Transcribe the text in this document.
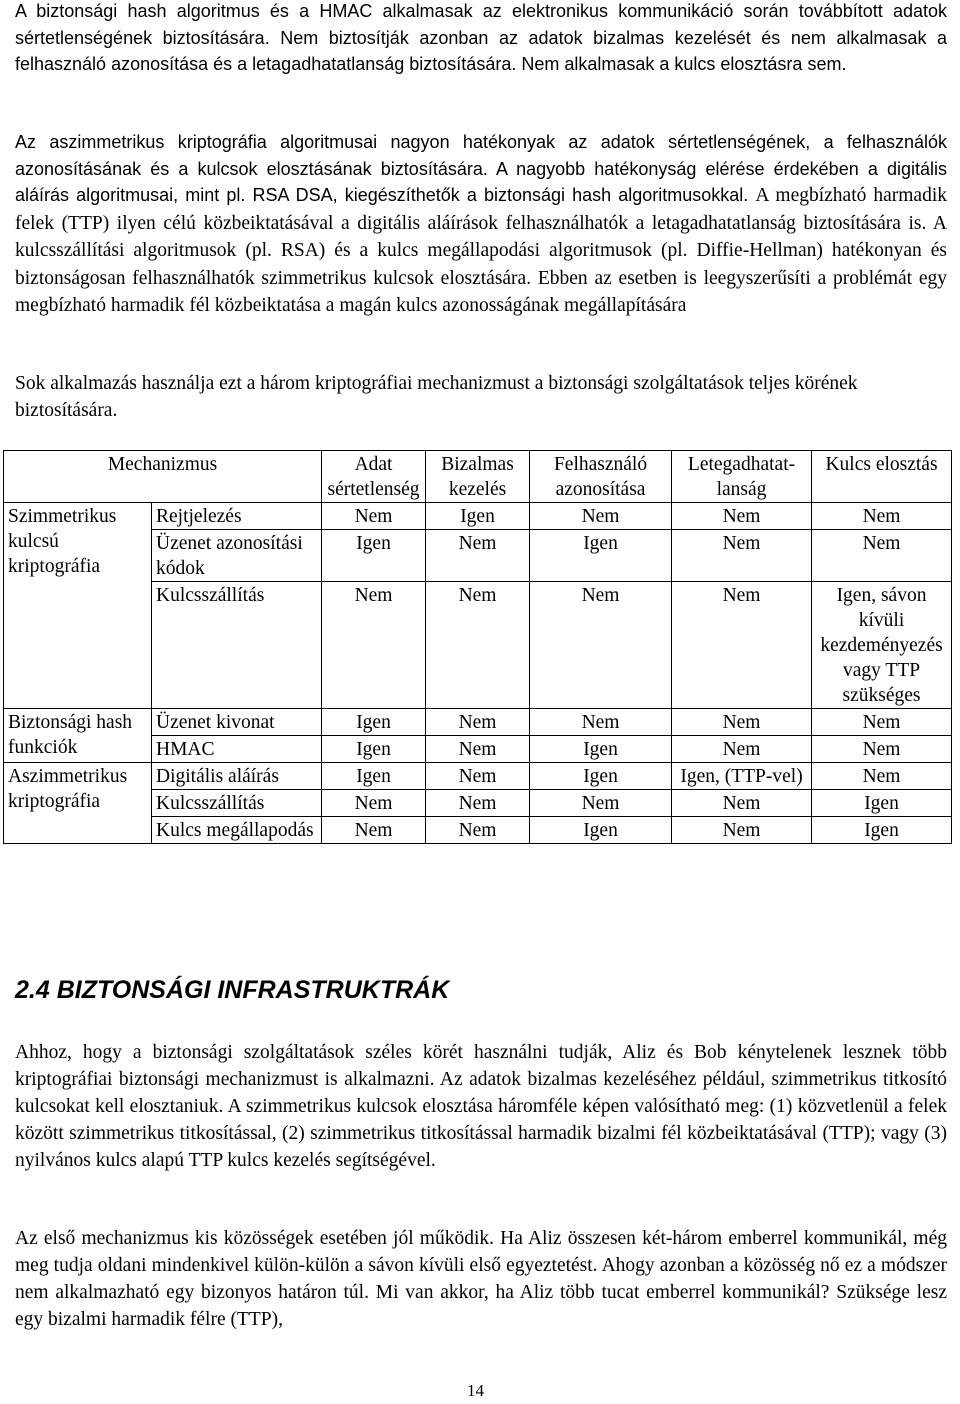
A biztonsági hash algoritmus és a HMAC alkalmasak az elektronikus kommunikáció során továbbított adatok sértetlenségének biztosítására. Nem biztosítják azonban az adatok bizalmas kezelését és nem alkalmasak a felhasználó azonosítása és a letagadhatatlanság biztosítására. Nem alkalmasak a kulcs elosztásra sem.

Az aszimmetrikus kriptográfia algoritmusai nagyon hatékonyak az adatok sértetlenségének, a felhasználók azonosításának és a kulcsok elosztásának biztosítására. A nagyobb hatékonyság elérése érdekében a digitális aláírás algoritmusai, mint pl. RSA DSA, kiegészíthetők a biztonsági hash algoritmusokkal. A megbízható harmadik felek (TTP) ilyen célú közbeiktatásával a digitális aláírások felhasználhatók a letagadhatatlanság biztosítására is. A kulcsszállítási algoritmusok (pl. RSA) és a kulcs megállapodási algoritmusok (pl. Diffie-Hellman) hatékonyan és biztonságosan felhasználhatók szimmetrikus kulcsok elosztására. Ebben az esetben is leegyszerűsíti a problémát egy megbízható harmadik fél közbeiktatása a magán kulcs azonosságának megállapítására

Sok alkalmazás használja ezt a három kriptográfiai mechanizmust a biztonsági szolgáltatások teljes körének biztosítására.

Mechanizmus		Adat sértetlenség	Bizalmas kezelés	Felhasználó azonosítása	Letegadhatat-lanság	Kulcs elosztás
Szimmetrikus kulcsú kriptográfia	Rejtjelezés	Nem	Igen	Nem	Nem	Nem
	Üzenet azonosítási kódok	Igen	Nem	Igen	Nem	Nem
	Kulcsszállítás	Nem	Nem	Nem	Nem	Igen, sávon kívüli kezdeményezés vagy TTP szükséges
Biztonsági hash funkciók	Üzenet kivonat	Igen	Nem	Nem	Nem	Nem
	HMAC	Igen	Nem	Igen	Nem	Nem
Aszimmetrikus kriptográfia	Digitális aláírás	Igen	Nem	Igen	Igen, (TTP-vel)	Nem
	Kulcsszállítás	Nem	Nem	Nem	Nem	Igen
	Kulcs megállapodás	Nem	Nem	Igen	Nem	Igen
2.4 BIZTONSÁGI INFRASTRUKTRÁK

Ahhoz, hogy a biztonsági szolgáltatások széles körét használni tudják, Aliz és Bob kénytelenek lesznek több kriptográfiai biztonsági mechanizmust is alkalmazni. Az adatok bizalmas kezeléséhez például, szimmetrikus titkosító kulcsokat kell elosztaniuk. A szimmetrikus kulcsok elosztása háromféle képen valósítható meg: (1) közvetlenül a felek között szimmetrikus titkosítással, (2) szimmetrikus titkosítással harmadik bizalmi fél közbeiktatásával (TTP); vagy (3) nyilvános kulcs alapú TTP kulcs kezelés segítségével.

Az első mechanizmus kis közösségek esetében jól működik. Ha Aliz összesen két-három emberrel kommunikál, még meg tudja oldani mindenkivel külön-külön a sávon kívüli első egyeztetést. Ahogy azonban a közösség nő ez a módszer nem alkalmazható egy bizonyos határon túl. Mi van akkor, ha Aliz több tucat emberrel kommunikál? Szüksége lesz egy bizalmi harmadik félre (TTP),

14
